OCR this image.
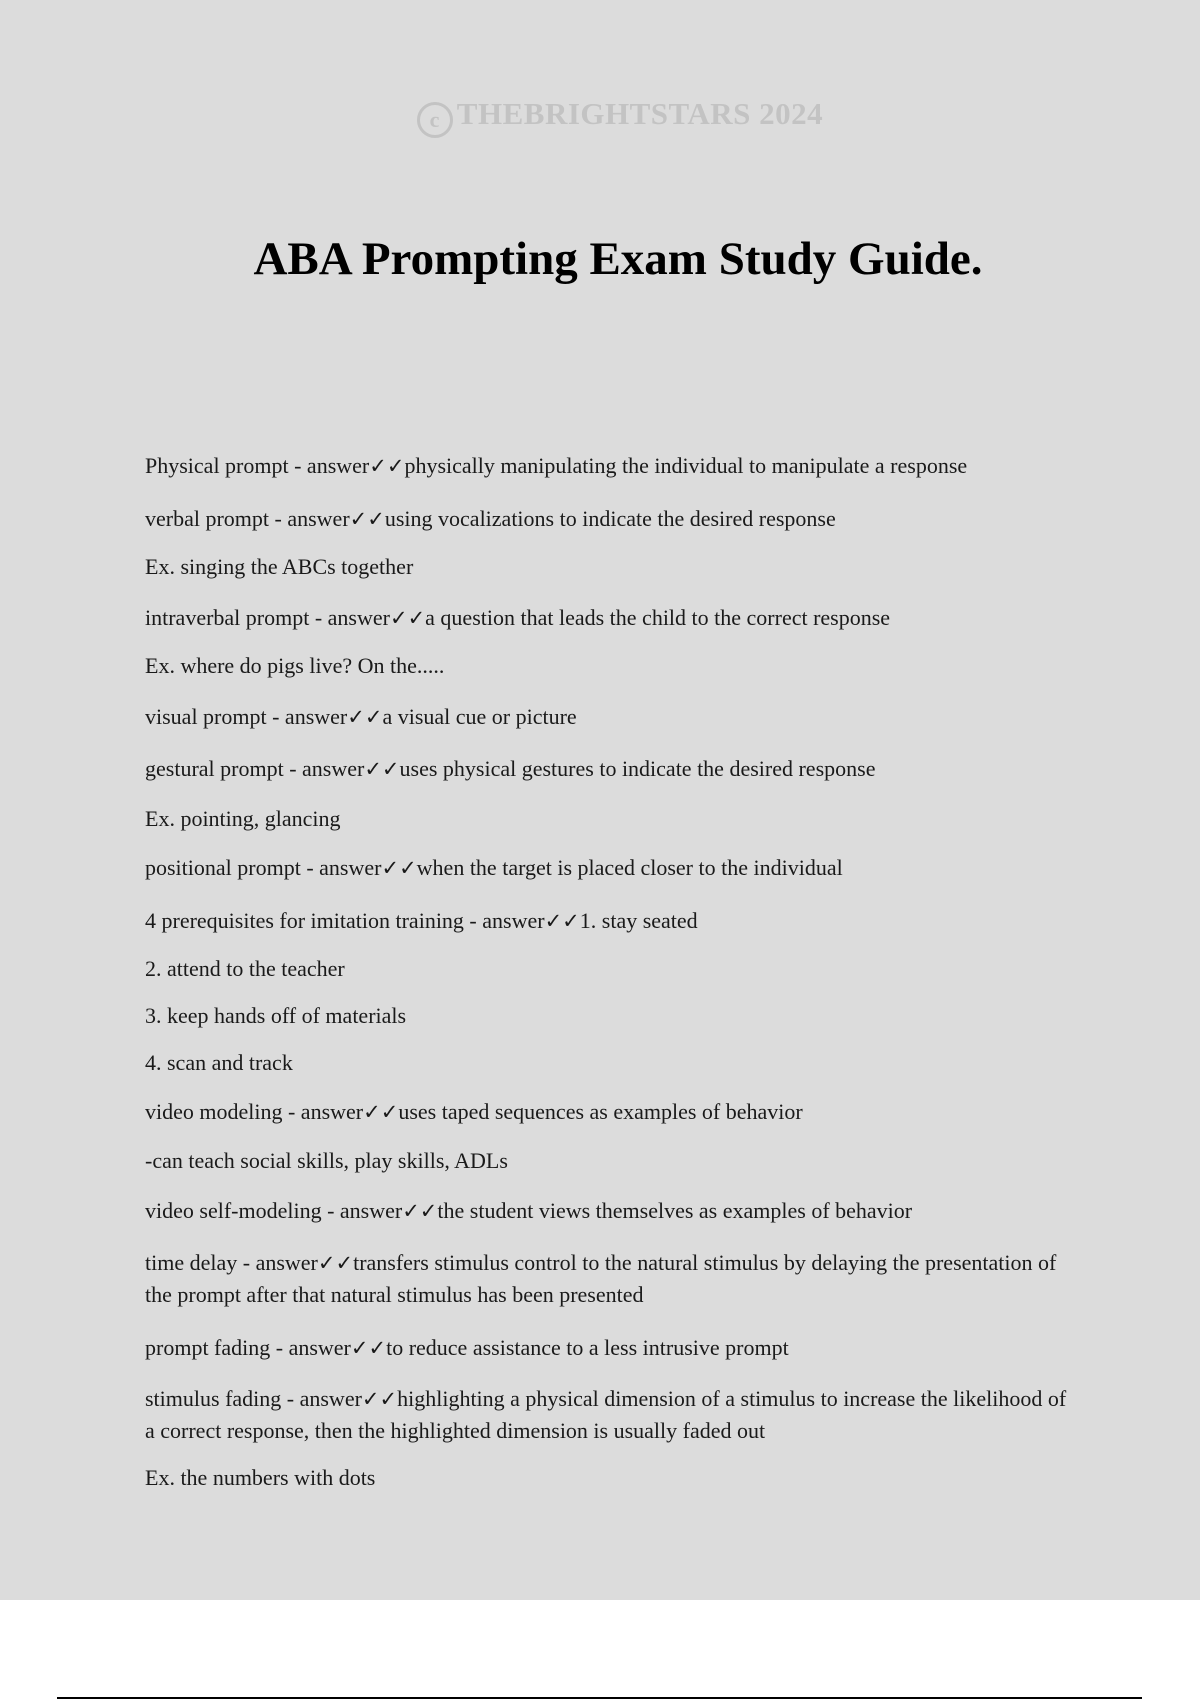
c THEBRIGHTSTARS 2024
ABA Prompting Exam Study Guide.

Physical prompt - answer✓✓physically manipulating the individual to manipulate a response

verbal prompt - answer✓✓using vocalizations to indicate the desired response

Ex. singing the ABCs together

intraverbal prompt - answer✓✓a question that leads the child to the correct response

Ex. where do pigs live? On the.....

visual prompt - answer✓✓a visual cue or picture

gestural prompt - answer✓✓uses physical gestures to indicate the desired response

Ex. pointing, glancing

positional prompt - answer✓✓when the target is placed closer to the individual

4 prerequisites for imitation training - answer✓✓1. stay seated

2. attend to the teacher

3. keep hands off of materials

4. scan and track

video modeling - answer✓✓uses taped sequences as examples of behavior

-can teach social skills, play skills, ADLs

video self-modeling - answer✓✓the student views themselves as examples of behavior

time delay - answer✓✓transfers stimulus control to the natural stimulus by delaying the presentation of the prompt after that natural stimulus has been presented

prompt fading - answer✓✓to reduce assistance to a less intrusive prompt

stimulus fading - answer✓✓highlighting a physical dimension of a stimulus to increase the likelihood of a correct response, then the highlighted dimension is usually faded out

Ex. the numbers with dots
